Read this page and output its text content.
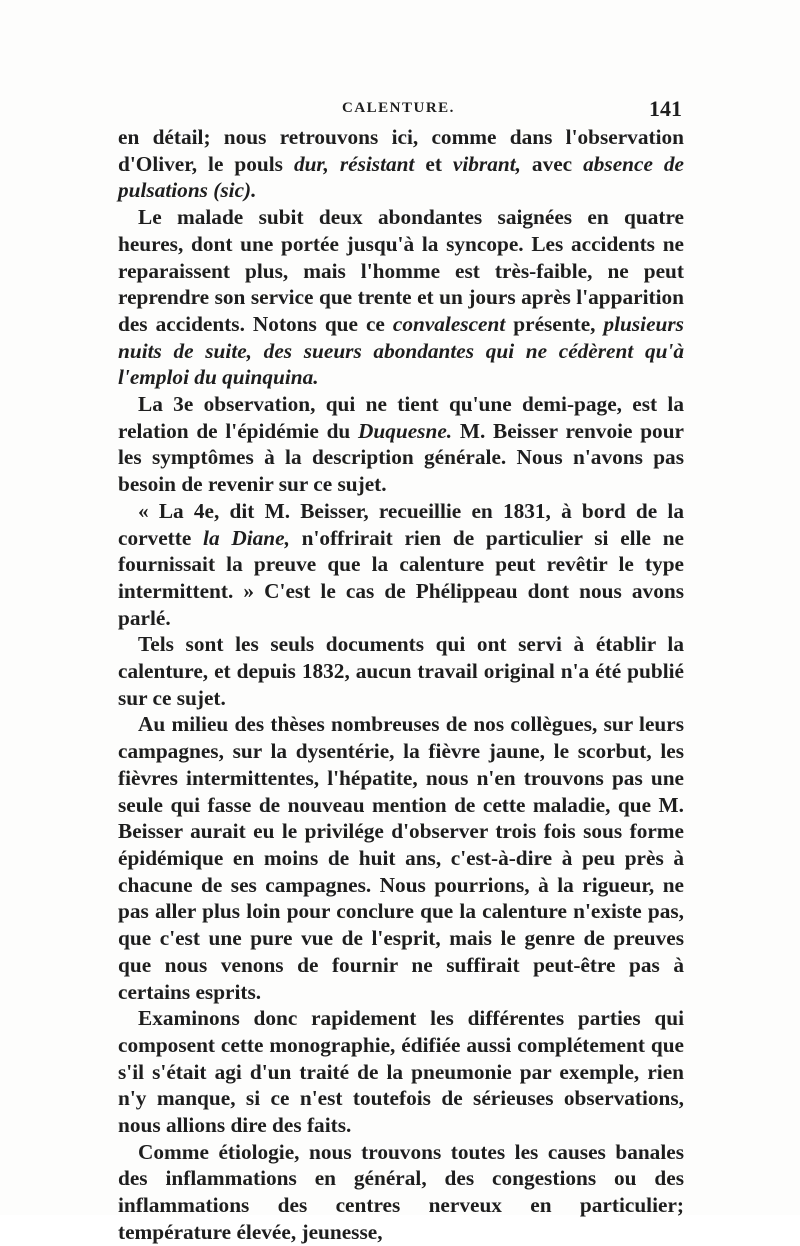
CALENTURE.	141

en détail; nous retrouvons ici, comme dans l'observation d'Oliver, le pouls dur, résistant et vibrant, avec absence de pulsations (sic).

Le malade subit deux abondantes saignées en quatre heures, dont une portée jusqu'à la syncope. Les accidents ne reparaissent plus, mais l'homme est très-faible, ne peut reprendre son service que trente et un jours après l'apparition des accidents. Notons que ce convalescent présente, plusieurs nuits de suite, des sueurs abondantes qui ne cédèrent qu'à l'emploi du quinquina.

La 3e observation, qui ne tient qu'une demi-page, est la relation de l'épidémie du Duquesne. M. Beisser renvoie pour les symptômes à la description générale. Nous n'avons pas besoin de revenir sur ce sujet.

« La 4e, dit M. Beisser, recueillie en 1831, à bord de la corvette la Diane, n'offrirait rien de particulier si elle ne fournissait la preuve que la calenture peut revêtir le type intermittent. » C'est le cas de Phélippeau dont nous avons parlé.

Tels sont les seuls documents qui ont servi à établir la calenture, et depuis 1832, aucun travail original n'a été publié sur ce sujet.

Au milieu des thèses nombreuses de nos collègues, sur leurs campagnes, sur la dysentérie, la fièvre jaune, le scorbut, les fièvres intermittentes, l'hépatite, nous n'en trouvons pas une seule qui fasse de nouveau mention de cette maladie, que M. Beisser aurait eu le privilége d'observer trois fois sous forme épidémique en moins de huit ans, c'est-à-dire à peu près à chacune de ses campagnes. Nous pourrions, à la rigueur, ne pas aller plus loin pour conclure que la calenture n'existe pas, que c'est une pure vue de l'esprit, mais le genre de preuves que nous venons de fournir ne suffirait peut-être pas à certains esprits.

Examinons donc rapidement les différentes parties qui composent cette monographie, édifiée aussi complétement que s'il s'était agi d'un traité de la pneumonie par exemple, rien n'y manque, si ce n'est toutefois de sérieuses observations, nous allions dire des faits.

Comme étiologie, nous trouvons toutes les causes banales des inflammations en général, des congestions ou des inflammations des centres nerveux en particulier; température élevée, jeunesse,
